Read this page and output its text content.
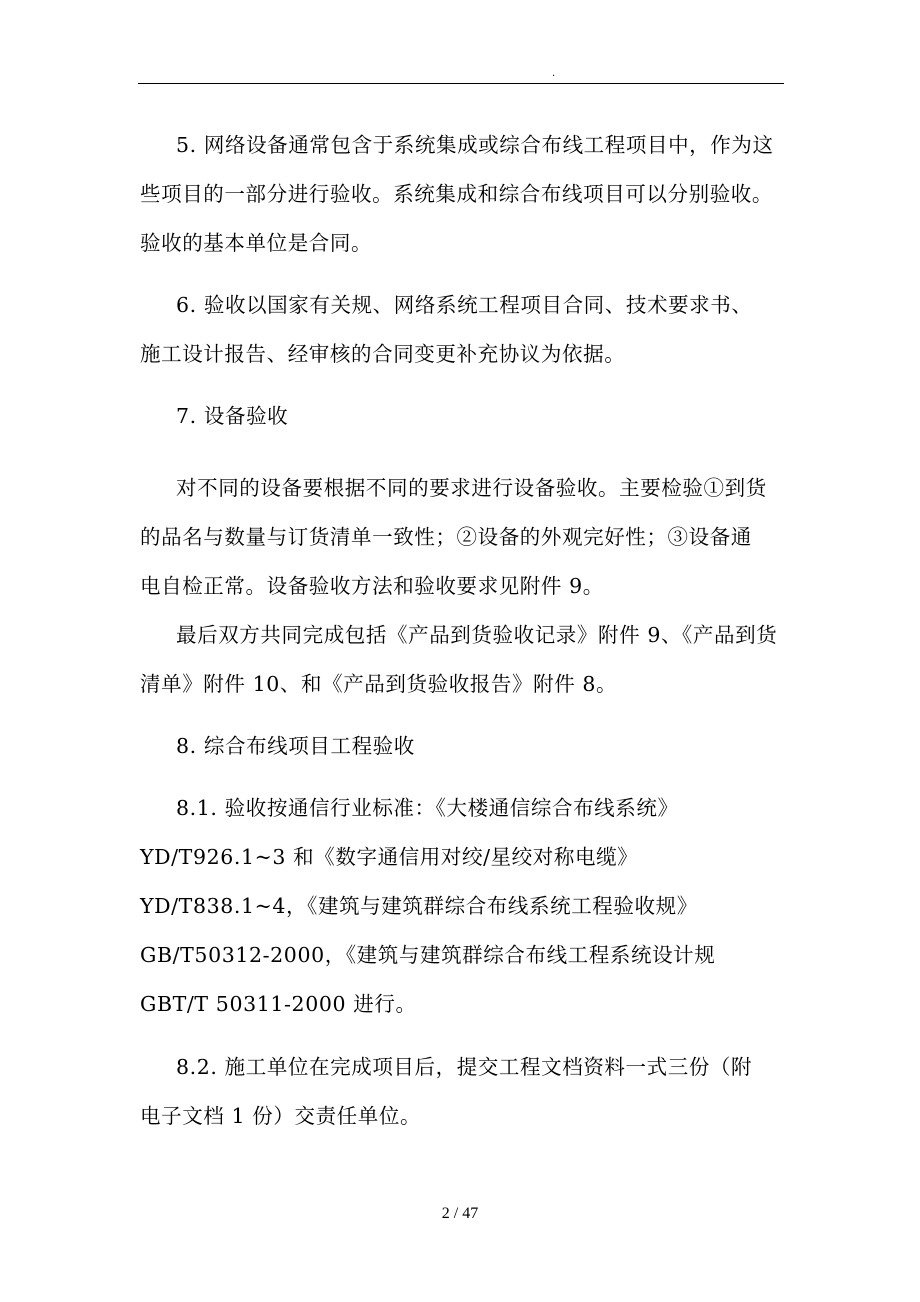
.
5. 网络设备通常包含于系统集成或综合布线工程项目中，作为这
些项目的一部分进行验收。系统集成和综合布线项目可以分别验收。
验收的基本单位是合同。
6. 验收以国家有关规、网络系统工程项目合同、技术要求书、
施工设计报告、经审核的合同变更补充协议为依据。
7. 设备验收
对不同的设备要根据不同的要求进行设备验收。主要检验①到货
的品名与数量与订货清单一致性；②设备的外观完好性；③设备通
电自检正常。设备验收方法和验收要求见附件 9。
最后双方共同完成包括《产品到货验收记录》附件 9、《产品到货
清单》附件 10、和《产品到货验收报告》附件 8。
8. 综合布线项目工程验收
8.1. 验收按通信行业标准：《大楼通信综合布线系统》
YD/T926.1~3 和《数字通信用对绞/星绞对称电缆》
YD/T838.1~4，《建筑与建筑群综合布线系统工程验收规》
GB/T50312-2000，《建筑与建筑群综合布线工程系统设计规
GBT/T 50311-2000 进行。
8.2. 施工单位在完成项目后，提交工程文档资料一式三份（附
电子文档 1 份）交责任单位。
2 / 47
